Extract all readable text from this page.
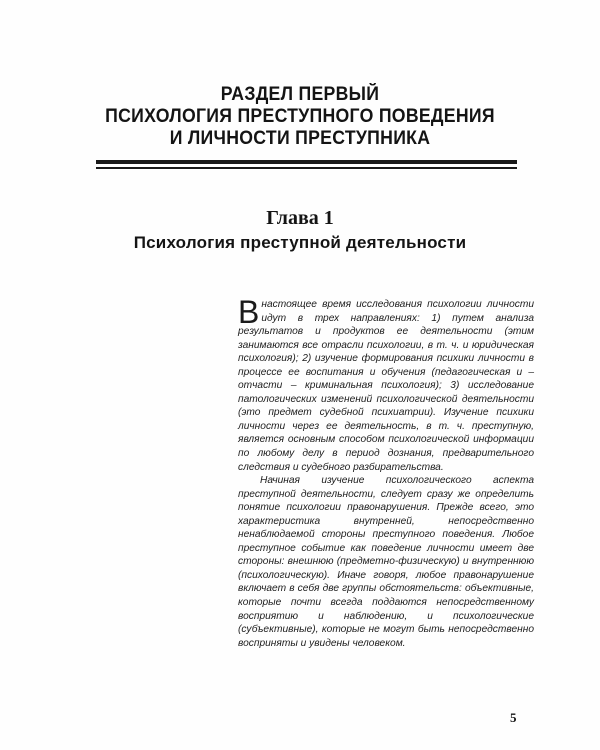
РАЗДЕЛ ПЕРВЫЙ
ПСИХОЛОГИЯ ПРЕСТУПНОГО ПОВЕДЕНИЯ
И ЛИЧНОСТИ ПРЕСТУПНИКА
Глава 1
Психология преступной деятельности

Внастоящее время исследования психологии личности идут в трех направлениях: 1) путем анализа результатов и продуктов ее деятельности (этим занимаются все отрасли психологии, в т. ч. и юридическая психология); 2) изучение формирования психики личности в процессе ее воспитания и обучения (педагогическая и – отчасти – криминальная психология); 3) исследование патологических изменений психологической деятельности (это предмет судебной психиатрии). Изучение психики личности через ее деятельность, в т. ч. преступную, является основным способом психологической информации по любому делу в период дознания, предварительного следствия и судебного разбирательства.

Начиная изучение психологического аспекта преступной деятельности, следует сразу же определить понятие психологии правонарушения. Прежде всего, это характеристика внутренней, непосредственно ненаблюдаемой стороны преступного поведения. Любое преступное событие как поведение личности имеет две стороны: внешнюю (предметно-физическую) и внутреннюю (психологическую). Иначе говоря, любое правонарушение включает в себя две группы обстоятельств: объективные, которые почти всегда поддаются непосредственному восприятию и наблюдению, и психологические (субъективные), которые не могут быть непосредственно восприняты и увидены человеком.

5
